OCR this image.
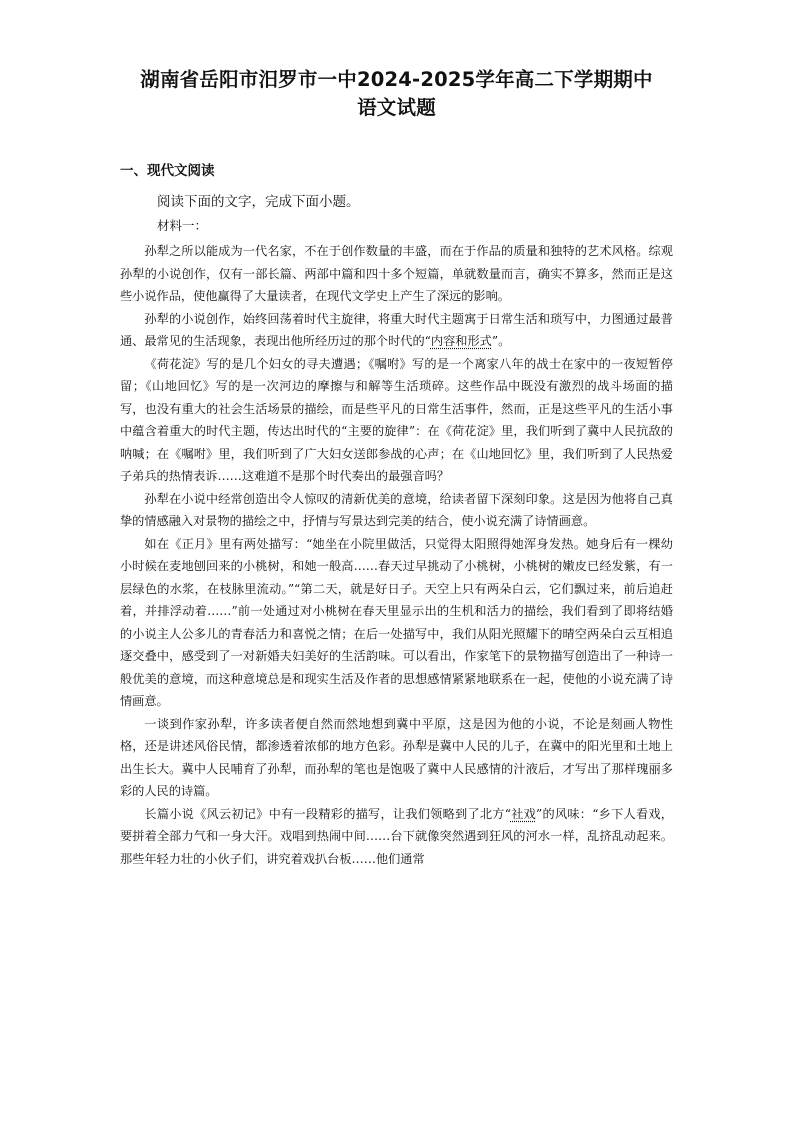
湖南省岳阳市汨罗市一中2024-2025学年高二下学期期中
语文试题
一、现代文阅读
阅读下面的文字，完成下面小题。
材料一：

孙犁之所以能成为一代名家，不在于创作数量的丰盛，而在于作品的质量和独特的艺术风格。综观孙犁的小说创作，仅有一部长篇、两部中篇和四十多个短篇，单就数量而言，确实不算多，然而正是这些小说作品，使他赢得了大量读者，在现代文学史上产生了深远的影响。

孙犁的小说创作，始终回荡着时代主旋律，将重大时代主题寓于日常生活和琐写中，力图通过最普通、最常见的生活现象，表现出他所经历过的那个时代的“内容和形式”。

《荷花淀》写的是几个妇女的寻夫遭遇；《嘱咐》写的是一个离家八年的战士在家中的一夜短暂停留；《山地回忆》写的是一次河边的摩擦与和解等生活琐碎。这些作品中既没有激烈的战斗场面的描写，也没有重大的社会生活场景的描绘，而是些平凡的日常生活事件，然而，正是这些平凡的生活小事中蕴含着重大的时代主题，传达出时代的“主要的旋律”：在《荷花淀》里，我们听到了冀中人民抗敌的呐喊；在《嘱咐》里，我们听到了广大妇女送郎参战的心声；在《山地回忆》里，我们听到了人民热爱子弟兵的热情表诉……这难道不是那个时代奏出的最强音吗？

孙犁在小说中经常创造出令人惊叹的清新优美的意境，给读者留下深刻印象。这是因为他将自己真挚的情感融入对景物的描绘之中，抒情与写景达到完美的结合，使小说充满了诗情画意。

如在《正月》里有两处描写：“她坐在小院里做活，只觉得太阳照得她浑身发热。她身后有一棵幼小时候在麦地刨回来的小桃树，和她一般高……春天过早挑动了小桃树，小桃树的嫩皮已经发紫，有一层绿色的水浆，在枝脉里流动。”“第二天，就是好日子。天空上只有两朵白云，它们飘过来，前后追赶着，并排浮动着……”前一处通过对小桃树在春天里显示出的生机和活力的描绘，我们看到了即将结婚的小说主人公多儿的青春活力和喜悦之情；在后一处描写中，我们从阳光照耀下的晴空两朵白云互相追逐交叠中，感受到了一对新婚夫妇美好的生活韵味。可以看出，作家笔下的景物描写创造出了一种诗一般优美的意境，而这种意境总是和现实生活及作者的思想感情紧紧地联系在一起，使他的小说充满了诗情画意。

一谈到作家孙犁，许多读者便自然而然地想到冀中平原，这是因为他的小说，不论是刻画人物性格，还是讲述风俗民情，都渗透着浓郁的地方色彩。孙犁是冀中人民的儿子，在冀中的阳光里和土地上出生长大。冀中人民哺育了孙犁，而孙犁的笔也是饱吸了冀中人民感情的汁液后，才写出了那样瑰丽多彩的人民的诗篇。

长篇小说《风云初记》中有一段精彩的描写，让我们领略到了北方“社戏”的风味：“乡下人看戏，要拼着全部力气和一身大汗。戏唱到热闹中间……台下就像突然遇到狂风的河水一样，乱挤乱动起来。那些年轻力壮的小伙子们，讲究着戏扒台板……他们通常
